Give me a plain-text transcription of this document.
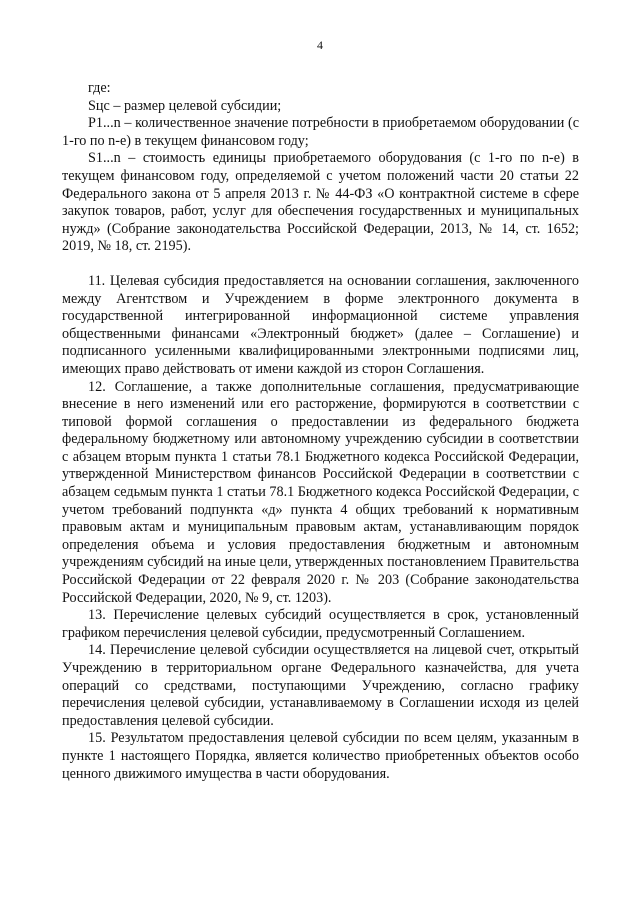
4

где:

Sцс – размер целевой субсидии;

P1...n – количественное значение потребности в приобретаемом оборудовании (с 1-го по n-е) в текущем финансовом году;

S1...n – стоимость единицы приобретаемого оборудования (с 1-го по n-е) в текущем финансовом году, определяемой с учетом положений части 20 статьи 22 Федерального закона от 5 апреля 2013 г. № 44-ФЗ «О контрактной системе в сфере закупок товаров, работ, услуг для обеспечения государственных и муниципальных нужд» (Собрание законодательства Российской Федерации, 2013, № 14, ст. 1652; 2019, № 18, ст. 2195).

11. Целевая субсидия предоставляется на основании соглашения, заключенного между Агентством и Учреждением в форме электронного документа в государственной интегрированной информационной системе управления общественными финансами «Электронный бюджет» (далее – Соглашение) и подписанного усиленными квалифицированными электронными подписями лиц, имеющих право действовать от имени каждой из сторон Соглашения.

12. Соглашение, а также дополнительные соглашения, предусматривающие внесение в него изменений или его расторжение, формируются в соответствии с типовой формой соглашения о предоставлении из федерального бюджета федеральному бюджетному или автономному учреждению субсидии в соответствии с абзацем вторым пункта 1 статьи 78.1 Бюджетного кодекса Российской Федерации, утвержденной Министерством финансов Российской Федерации в соответствии с абзацем седьмым пункта 1 статьи 78.1 Бюджетного кодекса Российской Федерации, с учетом требований подпункта «д» пункта 4 общих требований к нормативным правовым актам и муниципальным правовым актам, устанавливающим порядок определения объема и условия предоставления бюджетным и автономным учреждениям субсидий на иные цели, утвержденных постановлением Правительства Российской Федерации от 22 февраля 2020 г. № 203 (Собрание законодательства Российской Федерации, 2020, № 9, ст. 1203).

13. Перечисление целевых субсидий осуществляется в срок, установленный графиком перечисления целевой субсидии, предусмотренный Соглашением.

14. Перечисление целевой субсидии осуществляется на лицевой счет, открытый Учреждению в территориальном органе Федерального казначейства, для учета операций со средствами, поступающими Учреждению, согласно графику перечисления целевой субсидии, устанавливаемому в Соглашении исходя из целей предоставления целевой субсидии.

15. Результатом предоставления целевой субсидии по всем целям, указанным в пункте 1 настоящего Порядка, является количество приобретенных объектов особо ценного движимого имущества в части оборудования.
